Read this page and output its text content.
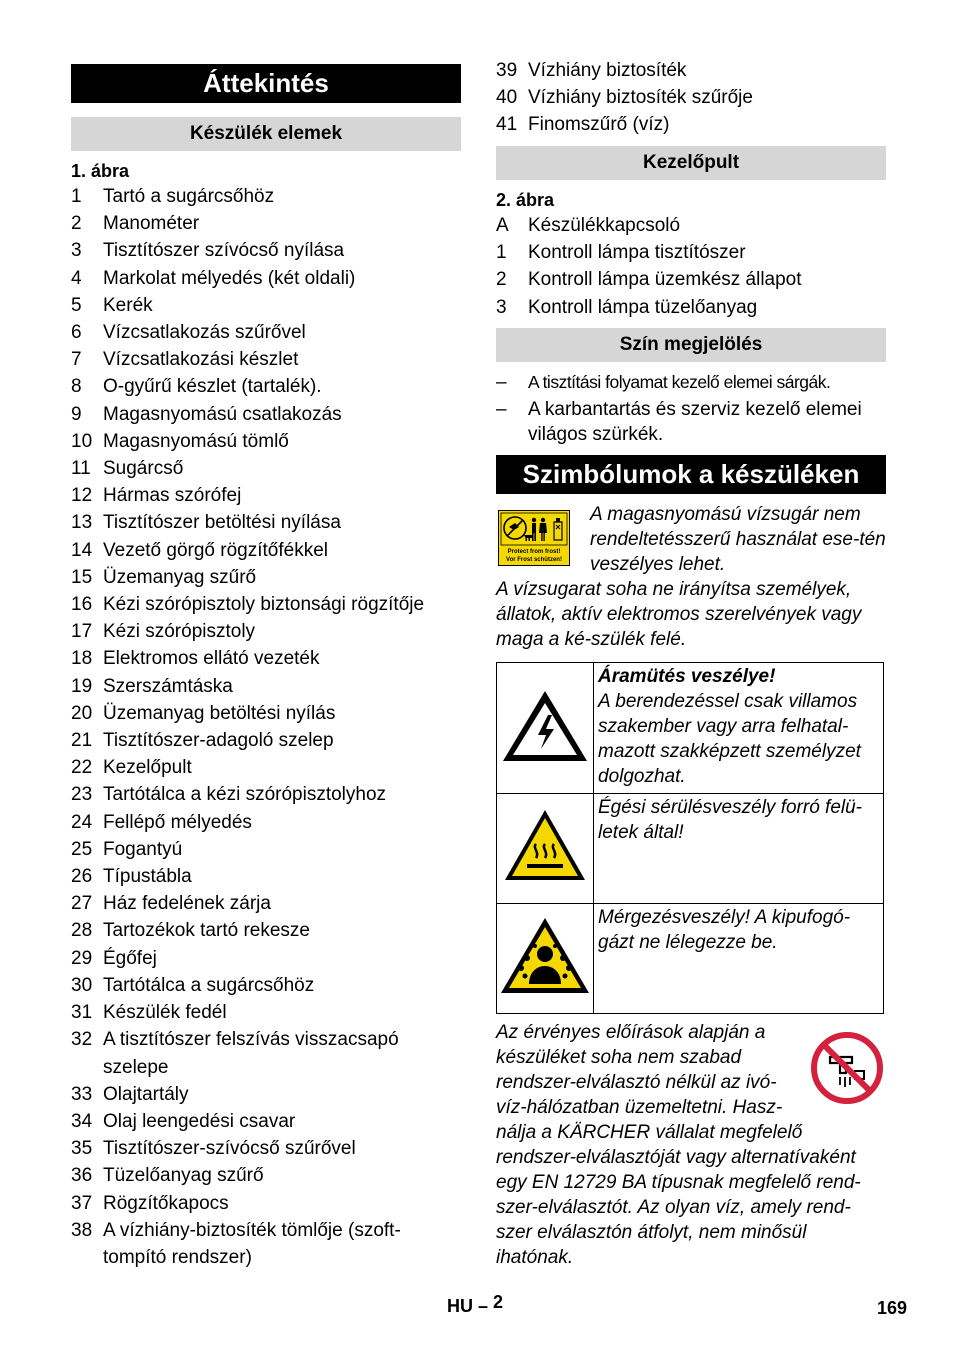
Áttekintés
Készülék elemek
1. ábra
1	Tartó a sugárcsőhöz
2	Manométer
3	Tisztítószer szívócső nyílása
4	Markolat mélyedés (két oldali)
5	Kerék
6	Vízcsatlakozás szűrővel
7	Vízcsatlakozási készlet
8	O-gyűrű készlet (tartalék).
9	Magasnyomású csatlakozás
10 Magasnyomású tömlő
11 Sugárcső
12 Hármas szórófej
13 Tisztítószer betöltési nyílása
14 Vezető görgő rögzítőfékkel
15 Üzemanyag szűrő
16 Kézi szórópisztoly biztonsági rögzítője
17 Kézi szórópisztoly
18 Elektromos ellátó vezeték
19 Szerszámtáska
20 Üzemanyag betöltési nyílás
21 Tisztítószer-adagoló szelep
22 Kezelőpult
23 Tartótálca a kézi szórópisztolyhoz
24 Fellépő mélyedés
25 Fogantyú
26 Típustábla
27 Ház fedelének zárja
28 Tartozékok tartó rekesze
29 Égőfej
30 Tartótálca a sugárcsőhöz
31 Készülék fedél
32 A tisztítószer felszívás visszacsapó szelepe
33 Olajtartály
34 Olaj leengedési csavar
35 Tisztítószer-szívócső szűrővel
36 Tüzelőanyag szűrő
37 Rögzítőkapocs
38 A vízhiány-biztosíték tömlője (szoft-tompító rendszer)
39 Vízhiány biztosíték
40 Vízhiány biztosíték szűrője
41 Finomszűrő (víz)
Kezelőpult
2. ábra
A	Készülékkapcsoló
1	Kontroll lámpa tisztítószer
2	Kontroll lámpa üzemkész állapot
3	Kontroll lámpa tüzelőanyag
Szín megjelölés
–	A tisztítási folyamat kezelő elemei sárgák.
–	A karbantartás és szerviz kezelő elemei világos szürkék.
Szimbólumok a készüléken
Protect from frost!
Vor Frost schützen!
A magasnyomású vízsugár nem rendeltetésszerű használat ese-tén veszélyes lehet.
A vízsugarat soha ne irányítsa személyek, állatok, aktív elektromos szerelvények vagy maga a ké-szülék felé.

Áramütés veszélye!
A berendezéssel csak villamos szakember vagy arra felhatal-mazott szakképzett személyzet dolgozhat.

Égési sérülésveszély forró felü-letek által!

Mérgezésveszély! A kipufogó-gázt ne lélegezze be.
Az érvényes előírások alapján a
készüléket soha nem szabad
rendszer-elválasztó nélkül az ivó-
víz-hálózatban üzemeltetni. Hasz-
nálja a KÄRCHER vállalat megfelelő
rendszer-elválasztóját vagy alternatívaként
egy EN 12729 BA típusnak megfelelő rend-
szer-elválasztót. Az olyan víz, amely rend-
szer elválasztón átfolyt, nem minősül
ihatónak.
HU – 2	169
